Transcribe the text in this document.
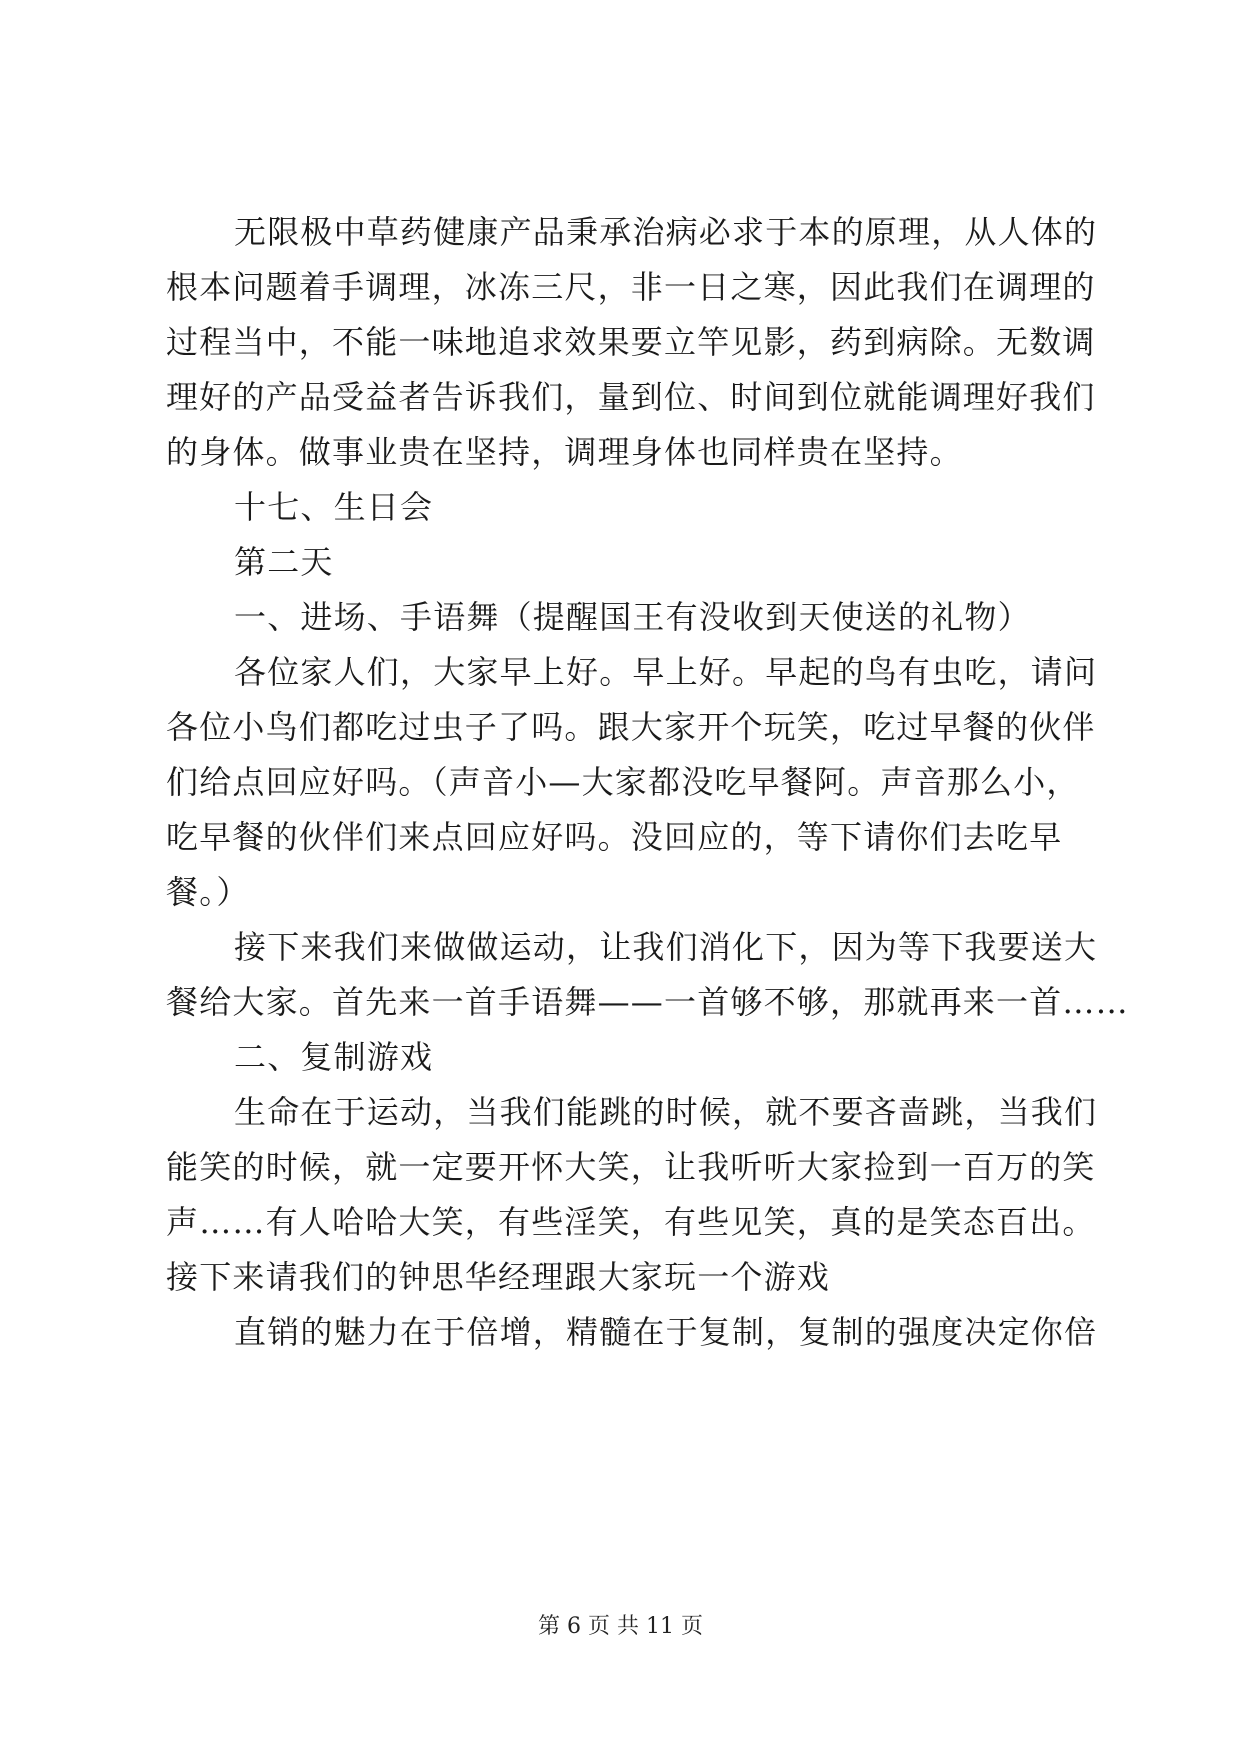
无限极中草药健康产品秉承治病必求于本的原理，从人体的
根本问题着手调理，冰冻三尺，非一日之寒，因此我们在调理的
过程当中，不能一味地追求效果要立竿见影，药到病除。无数调
理好的产品受益者告诉我们，量到位、时间到位就能调理好我们
的身体。做事业贵在坚持，调理身体也同样贵在坚持。
十七、生日会
第二天
一、进场、手语舞（提醒国王有没收到天使送的礼物）
各位家人们，大家早上好。早上好。早起的鸟有虫吃，请问
各位小鸟们都吃过虫子了吗。跟大家开个玩笑，吃过早餐的伙伴
们给点回应好吗。（声音小—大家都没吃早餐阿。声音那么小，
吃早餐的伙伴们来点回应好吗。没回应的，等下请你们去吃早
餐。）
接下来我们来做做运动，让我们消化下，因为等下我要送大
餐给大家。首先来一首手语舞——一首够不够，那就再来一首……
二、复制游戏
生命在于运动，当我们能跳的时候，就不要吝啬跳，当我们
能笑的时候，就一定要开怀大笑，让我听听大家捡到一百万的笑
声……有人哈哈大笑，有些淫笑，有些见笑，真的是笑态百出。
接下来请我们的钟思华经理跟大家玩一个游戏
直销的魅力在于倍增，精髓在于复制，复制的强度决定你倍
第 6 页 共 11 页
